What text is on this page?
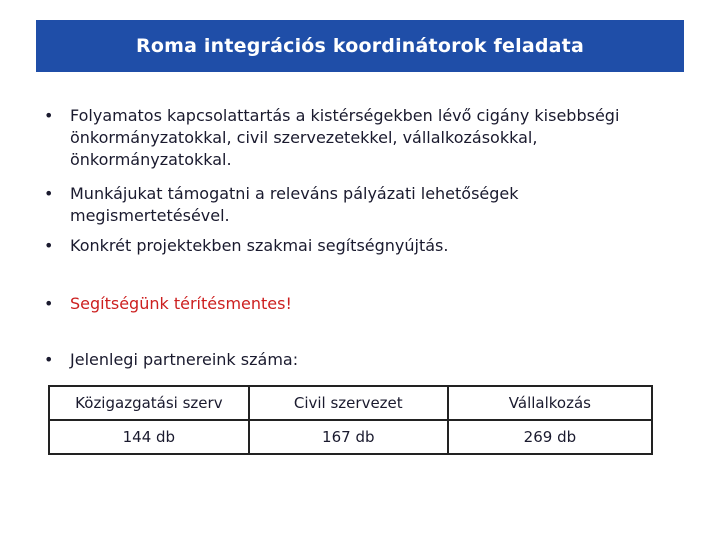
Roma integrációs koordinátorok feladata
•	Folyamatos kapcsolattartás a kistérségekben lévő cigány kisebbségi önkormányzatokkal, civil szervezetekkel, vállalkozásokkal, önkormányzatokkal.
•	Munkájukat támogatni a releváns pályázati lehetőségek megismertetésével.
•	Konkrét projektekben szakmai segítségnyújtás.
•	Segítségünk térítésmentes!
•	Jelenlegi partnereink száma:
Közigazgatási szerv	Civil szervezet	Vállalkozás
144 db	167 db	269 db
